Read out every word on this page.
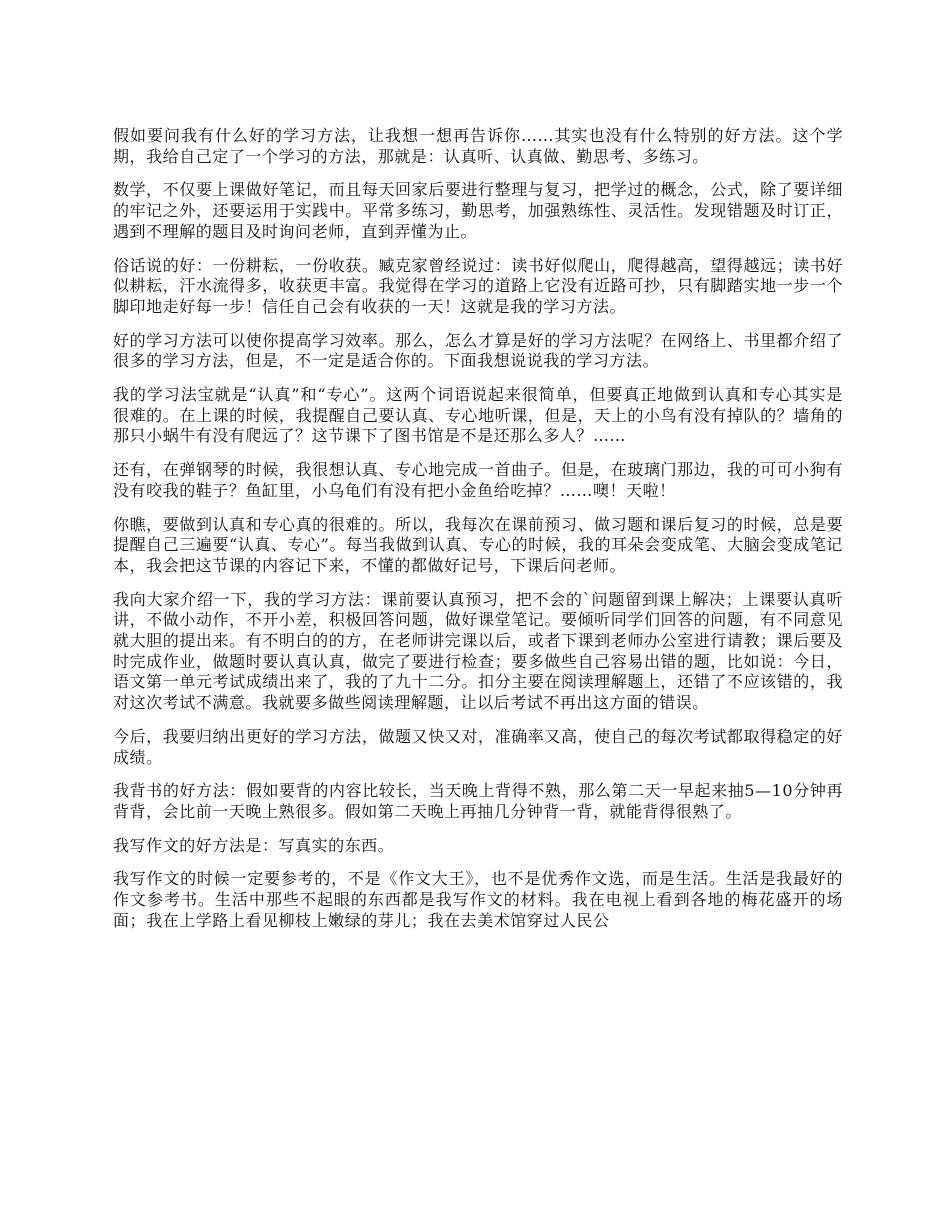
假如要问我有什么好的学习方法，让我想一想再告诉你……其实也没有什么特别的好方法。这个学期，我给自己定了一个学习的方法，那就是：认真听、认真做、勤思考、多练习。

数学，不仅要上课做好笔记，而且每天回家后要进行整理与复习，把学过的概念，公式，除了要详细的牢记之外，还要运用于实践中。平常多练习，勤思考，加强熟练性、灵活性。发现错题及时订正，遇到不理解的题目及时询问老师，直到弄懂为止。

俗话说的好：一份耕耘，一份收获。臧克家曾经说过：读书好似爬山，爬得越高，望得越远；读书好似耕耘，汗水流得多，收获更丰富。我觉得在学习的道路上它没有近路可抄，只有脚踏实地一步一个脚印地走好每一步！信任自己会有收获的一天！这就是我的学习方法。

好的学习方法可以使你提高学习效率。那么，怎么才算是好的学习方法呢？在网络上、书里都介绍了很多的学习方法，但是，不一定是适合你的。下面我想说说我的学习方法。

我的学习法宝就是“认真”和“专心”。这两个词语说起来很简单，但要真正地做到认真和专心其实是很难的。在上课的时候，我提醒自己要认真、专心地听课，但是，天上的小鸟有没有掉队的？墙角的那只小蜗牛有没有爬远了？这节课下了图书馆是不是还那么多人？……

还有，在弹钢琴的时候，我很想认真、专心地完成一首曲子。但是，在玻璃门那边，我的可可小狗有没有咬我的鞋子？鱼缸里，小乌龟们有没有把小金鱼给吃掉？……噢！天啦！

你瞧，要做到认真和专心真的很难的。所以，我每次在课前预习、做习题和课后复习的时候，总是要提醒自己三遍要“认真、专心”。每当我做到认真、专心的时候，我的耳朵会变成笔、大脑会变成笔记本，我会把这节课的内容记下来，不懂的都做好记号，下课后问老师。

我向大家介绍一下，我的学习方法：课前要认真预习，把不会的`问题留到课上解决；上课要认真听讲，不做小动作，不开小差，积极回答问题，做好课堂笔记。要倾听同学们回答的问题，有不同意见就大胆的提出来。有不明白的的方，在老师讲完课以后，或者下课到老师办公室进行请教；课后要及时完成作业，做题时要认真认真，做完了要进行检查；要多做些自己容易出错的题，比如说：今日，语文第一单元考试成绩出来了，我的了九十二分。扣分主要在阅读理解题上，还错了不应该错的，我对这次考试不满意。我就要多做些阅读理解题，让以后考试不再出这方面的错误。

今后，我要归纳出更好的学习方法，做题又快又对，准确率又高，使自己的每次考试都取得稳定的好成绩。

我背书的好方法：假如要背的内容比较长，当天晚上背得不熟，那么第二天一早起来抽5—10分钟再背背，会比前一天晚上熟很多。假如第二天晚上再抽几分钟背一背，就能背得很熟了。

我写作文的好方法是：写真实的东西。

我写作文的时候一定要参考的，不是《作文大王》，也不是优秀作文选，而是生活。生活是我最好的作文参考书。生活中那些不起眼的东西都是我写作文的材料。我在电视上看到各地的梅花盛开的场面；我在上学路上看见柳枝上嫩绿的芽儿；我在去美术馆穿过人民公
